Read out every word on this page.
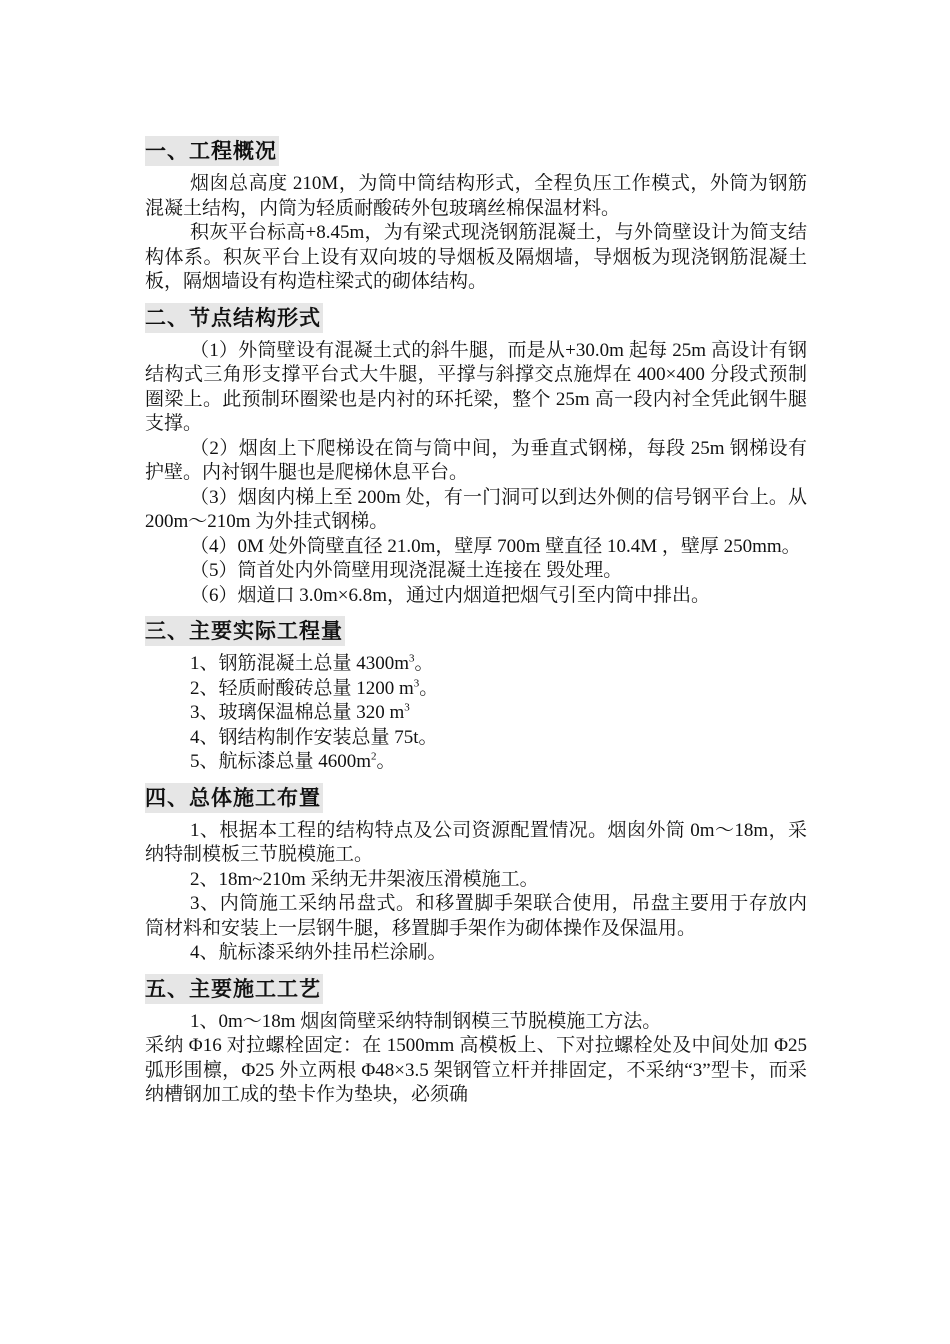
一、工程概况

烟囱总高度 210M，为筒中筒结构形式，全程负压工作模式，外筒为钢筋混凝土结构，内筒为轻质耐酸砖外包玻璃丝棉保温材料。

积灰平台标高+8.45m，为有梁式现浇钢筋混凝土，与外筒壁设计为简支结构体系。积灰平台上设有双向坡的导烟板及隔烟墙，导烟板为现浇钢筋混凝土板，隔烟墙设有构造柱梁式的砌体结构。

二、节点结构形式

（1）外筒壁设有混凝土式的斜牛腿，而是从+30.0m 起每 25m 高设计有钢结构式三角形支撑平台式大牛腿，平撑与斜撑交点施焊在 400×400 分段式预制圈梁上。此预制环圈梁也是内衬的环托梁，整个 25m 高一段内衬全凭此钢牛腿支撑。

（2）烟囱上下爬梯设在筒与筒中间，为垂直式钢梯，每段 25m 钢梯设有护壁。内衬钢牛腿也是爬梯休息平台。

（3）烟囱内梯上至 200m 处，有一门洞可以到达外侧的信号钢平台上。从 200m～210m 为外挂式钢梯。

（4）0M 处外筒壁直径 21.0m，壁厚 700m 壁直径 10.4M ，壁厚 250mm。

（5）筒首处内外筒壁用现浇混凝土连接在 毁处理。

（6）烟道口 3.0m×6.8m，通过内烟道把烟气引至内筒中排出。

三、主要实际工程量

1、钢筋混凝土总量 $4300m^3$。

2、轻质耐酸砖总量 1200 $m^3$。

3、玻璃保温棉总量 320 $m^3$

4、钢结构制作安装总量 75t。

5、航标漆总量 $4600m^2$。

四、总体施工布置

1、根据本工程的结构特点及公司资源配置情况。烟囱外筒 0m～18m，采纳特制模板三节脱模施工。

2、18m~210m 采纳无井架液压滑模施工。

3、内筒施工采纳吊盘式。和移置脚手架联合使用，吊盘主要用于存放内筒材料和安装上一层钢牛腿，移置脚手架作为砌体操作及保温用。

4、航标漆采纳外挂吊栏涂刷。

五、主要施工工艺

1、0m～18m 烟囱筒壁采纳特制钢模三节脱模施工方法。

采纳 Φ16 对拉螺栓固定：在 1500mm 高模板上、下对拉螺栓处及中间处加 Φ25 弧形围檩，Φ25 外立两根 Φ48×3.5 架钢管立杆并排固定，不采纳“3”型卡，而采纳槽钢加工成的垫卡作为垫块，必须确
